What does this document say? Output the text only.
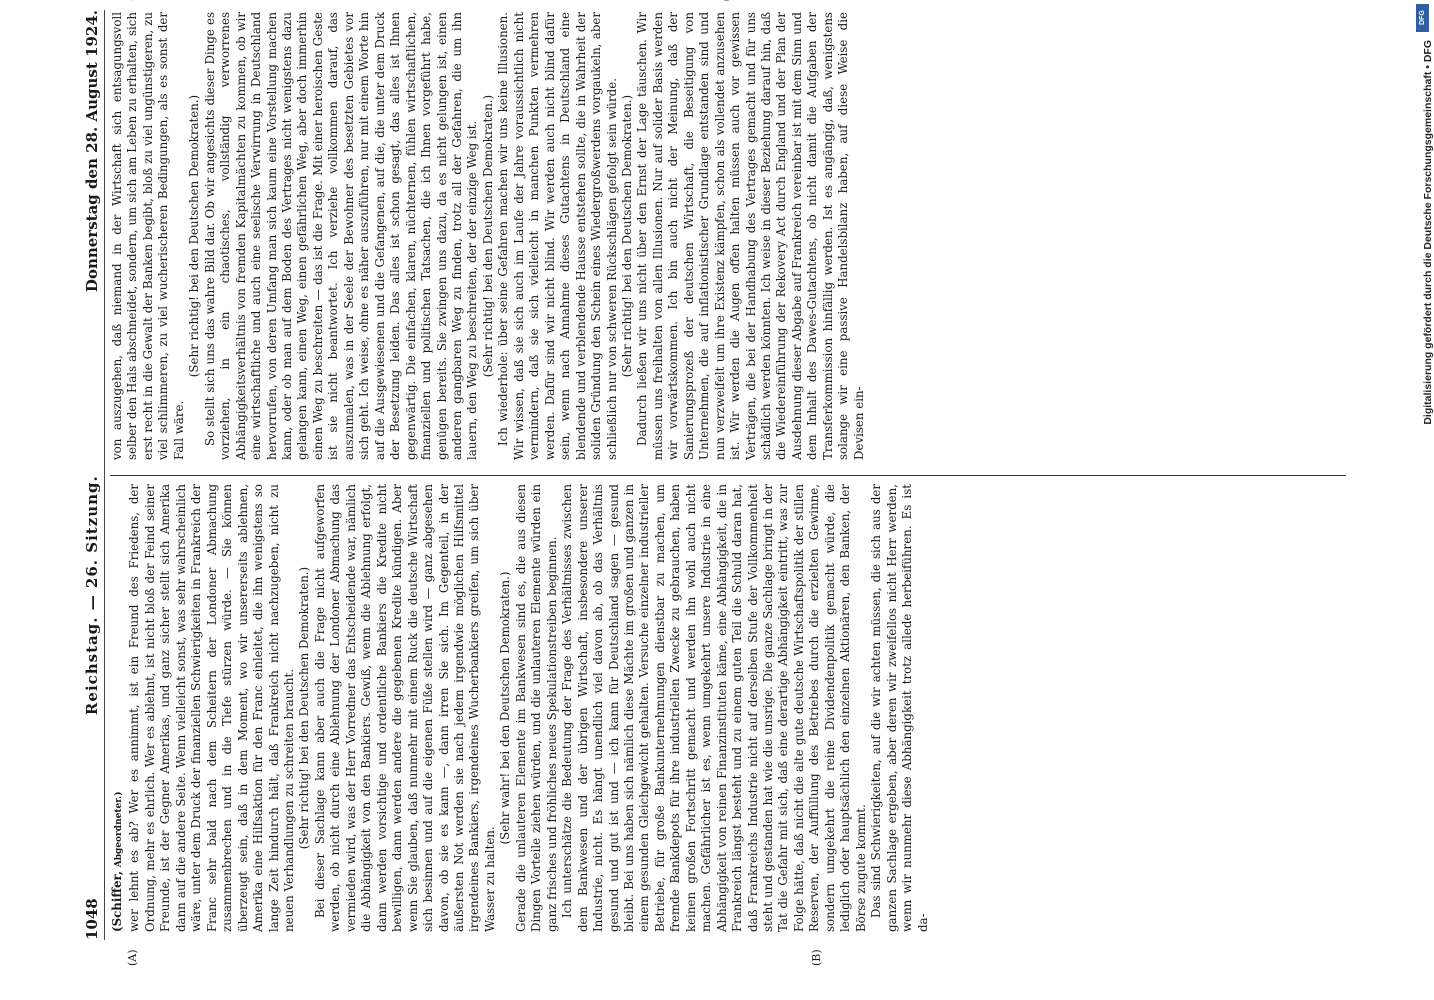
1048
Reichstag. — 26. Sitzung.
Donnerstag den 28. August 1924.

(Schiffer, Abgeordneter.) wer lehnt es ab? Wer es annimmt, ist ein Freund des Friedens, der Ordnung, mehr es ehrlich. Wer es ablehnt, ist nicht bloß der Feind seiner Freunde, ist der Gegner Amerikas, und ganz sicher stellt sich Amerika dann auf die andere Seite. Wenn vielleicht sonst, was sehr wahrscheinlich wäre, unter dem Druck der finanziellen Schwierigkeiten in Frankreich der Franc sehr bald nach dem Scheitern der Londoner Abmachung zusammenbrechen und in die Tiefe stürzen würde. — Sie können überzeugt sein, daß in dem Moment, wo wir unsererseits ablehnen, Amerika eine Hilfsaktion für den Franc einleitet, die ihn wenigstens so lange Zeit hindurch hält, daß Frankreich nicht nachzugeben, nicht zu neuen Verhandlungen zu schreiten braucht. (Sehr richtig! bei den Deutschen Demokraten.) Bei dieser Sachlage kann aber auch die Frage nicht aufgeworfen werden, ob nicht durch eine Ablehnung der Londoner Abmachung das vermieden wird, was der Herr Vorredner das Entscheidende war, nämlich die Abhängigkeit von den Bankiers. Gewiß, wenn die Ablehnung erfolgt, dann werden vorsichtige und ordentliche Bankiers die Kredite nicht bewilligen, dann werden andere die gegebenen Kredite kündigen. Aber wenn Sie glauben, daß nunmehr mit einem Ruck die deutsche Wirtschaft sich besinnen und auf die eigenen Füße stellen wird — ganz abgesehen davon, ob sie es kann —, dann irren Sie sich. Im Gegenteil, in der äußersten Not werden sie nach jedem irgendwie möglichen Hilfsmittel irgendeines Bankiers, irgendeines Wucherbankiers greifen, um sich über Wasser zu halten.

(Sehr wahr! bei den Deutschen Demokraten.) Gerade die unlauteren Elemente im Bankwesen sind es, die aus diesen Dingen Vorteile ziehen würden, und die unlauteren Elemente würden ein ganz frisches und fröhliches neues Spekulationstreiben beginnen. Ich unterschätze die Bedeutung der Frage des Verhältnisses zwischen dem Bankwesen und der übrigen Wirtschaft, insbesondere unserer Industrie, nicht. Es hängt unendlich viel davon ab, ob das Verhältnis gesund und gut ist und — ich kann für Deutschland sagen — gesund bleibt. Bei uns haben sich nämlich diese Mächte im großen und ganzen in einem gesunden Gleichgewicht gehalten. Versuche einzelner industrieller Betriebe, für große Bankunternehmungen dienstbar zu machen, um fremde Bankdepots für ihre industriellen Zwecke zu gebrauchen, haben keinen großen Fortschritt gemacht und werden ihn wohl auch nicht machen. Gefährlicher ist es, wenn umgekehrt unsere Industrie in eine Abhängigkeit von reinen Finanzinstituten käme, eine Abhängigkeit, die in Frankreich längst besteht und zu einem guten Teil die Schuld daran hat, daß Frankreichs Industrie nicht auf derselben Stufe der Vollkommenheit steht und gestanden hat wie die unsrige. Die ganze Sachlage bringt in der Tat die Gefahr mit sich, daß eine derartige Abhängigkeit eintritt, was zur Folge hätte, daß nicht die alte gute deutsche Wirtschaftspolitik der stillen Reserven, der Auffüllung des Betriebes durch die erzielten Gewinne, sondern umgekehrt die reine Dividendenpolitik gemacht würde, die lediglich oder hauptsächlich den einzelnen Aktionären, den Banken, der Börse zugute kommt. Das sind Schwierigkeiten, auf die wir achten müssen, die sich aus der ganzen Sachlage ergeben, aber deren wir zweifellos nicht Herr werden, wenn wir nunmehr diese Abhängigkeit trotz allede herbeiführen. Es ist da-

von auszugehen, daß niemand in der Wirtschaft sich entsagungsvoll selber den Hals abschneidet, sondern, um sich am Leben zu erhalten, sich erst recht in die Gewalt der Banken begibt, bloß zu viel ungünstigeren, zu viel schlimmeren, zu viel wucherischeren Bedingungen, als es sonst der Fall wäre.

(Sehr richtig! bei den Deutschen Demokraten.) So stellt sich uns das wahre Bild dar. Ob wir angesichts dieser Dinge es vorziehen, in ein chaotisches, vollständig verworrenes Abhängigkeitsverhältnis von fremden Kapitalmächten zu kommen, ob wir eine wirtschaftliche und auch eine seelische Verwirrung in Deutschland hervorrufen, von deren Umfang man sich kaum eine Vorstellung machen kann, oder ob man auf dem Boden des Vertrages nicht wenigstens dazu gelangen kann, einen Weg, einen gefährlichen Weg, aber doch immerhin einen Weg zu beschreiten — das ist die Frage. Mit einer heroischen Geste ist sie nicht beantwortet. Ich verziehe vollkommen darauf, das auszumalen, was in der Seele der Bewohner des besetzten Gebietes vor sich geht. Ich weise, ohne es näher auszuführen, nur mit einem Worte hin auf die Ausgewiesenen und die Gefangenen, auf die, die unter dem Druck der Besetzung leiden. Das alles ist schon gesagt, das alles ist Ihnen gegenwärtig. Die einfachen, klaren, nüchternen, fühlen wirtschaftlichen, finanziellen und politischen Tatsachen, die ich Ihnen vorgeführt habe, genügen bereits. Sie zwingen uns dazu, da es nicht gelungen ist, einen anderen gangbaren Weg zu finden, trotz all der Gefahren, die um ihn lauern, den Weg zu beschreiten, der der einzige Weg ist. (Sehr richtig! bei den Deutschen Demokraten.) Ich wiederhole: über seine Gefahren machen wir uns keine Illusionen. Wir wissen, daß sie sich auch im Laufe der Jahre voraussichtlich nicht vermindern, daß sie sich vielleicht in manchen Punkten vermehren werden. Dafür sind wir nicht blind. Wir werden auch nicht blind dafür sein, wenn nach Annahme dieses Gutachtens in Deutschland eine blendende und verblendende Hausse entstehen sollte, die in Wahrheit der soliden Gründung den Schein eines Wiedergroßwerdens vorgaukeln, aber schließlich nur von schweren Rückschlägen gefolgt sein würde. (Sehr richtig! bei den Deutschen Demokraten.) Dadurch ließen wir uns nicht über den Ernst der Lage täuschen. Wir müssen uns freihalten von allen Illusionen. Nur auf solider Basis werden wir vorwärtskommen. Ich bin auch nicht der Meinung, daß der Sanierungsprozeß der deutschen Wirtschaft, die Beseitigung von Unternehmen, die auf inflationistischer Grundlage entstanden sind und nun verzweifelt um ihre Existenz kämpfen, schon als vollendet anzusehen ist. Wir werden die Augen offen halten müssen auch vor gewissen Verträgen, die bei der Handhabung des Vertrages gemacht und für uns schädlich werden könnten. Ich weise in dieser Beziehung darauf hin, daß die Wiedereinführung der Rekovery Act durch England und der Plan der Ausdehnung dieser Abgabe auf Frankreich vereinbar ist mit dem Sinn und dem Inhalt des Dawes-Gutachtens, ob nicht damit die Aufgaben der Transferkommission hinfällig werden. Ist es angängig, daß, wenigstens solange wir eine passive Handelsbilanz haben, auf diese Weise die Devisen ein-

(A)	(B)
DFG
Digitalisierung gefördert durch die Deutsche Forschungsgemeinschaft • DFG
